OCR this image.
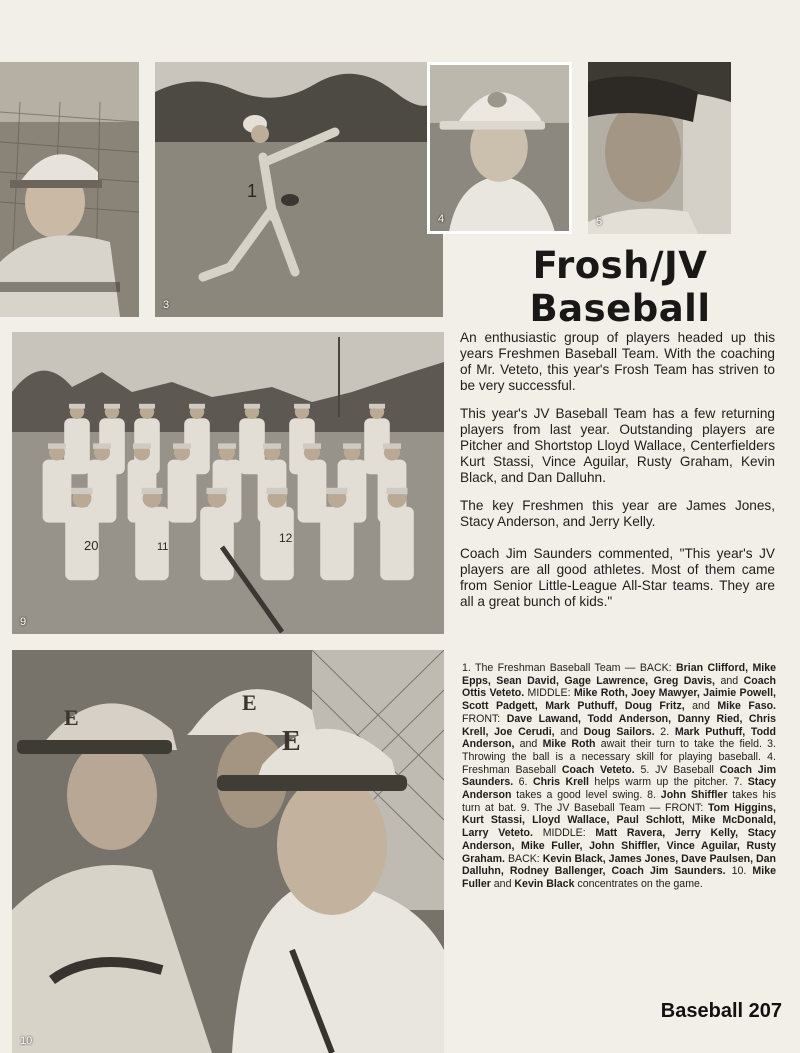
1
3
4	5
Frosh/JV
Baseball
20	11
12
9
E
E
E
10

An enthusiastic group of players headed up this years Freshmen Baseball Team. With the coaching of Mr. Veteto, this year's Frosh Team has striven to be very successful.

This year's JV Baseball Team has a few returning players from last year. Outstanding players are Pitcher and Shortstop Lloyd Wallace, Centerfielders Kurt Stassi, Vince Aguilar, Rusty Graham, Kevin Black, and Dan Dalluhn.

The key Freshmen this year are James Jones, Stacy Anderson, and Jerry Kelly.

Coach Jim Saunders commented, "This year's JV players are all good athletes. Most of them came from Senior Little-League All-Star teams. They are all a great bunch of kids."

1. The Freshman Baseball Team — BACK: Brian Clifford, Mike Epps, Sean David, Gage Lawrence, Greg Davis, and Coach Ottis Veteto. MIDDLE: Mike Roth, Joey Mawyer, Jaimie Powell, Scott Padgett, Mark Puthuff, Doug Fritz, and Mike Faso. FRONT: Dave Lawand, Todd Anderson, Danny Ried, Chris Krell, Joe Cerudi, and Doug Sailors. 2. Mark Puthuff, Todd Anderson, and Mike Roth await their turn to take the field. 3. Throwing the ball is a necessary skill for playing baseball. 4. Freshman Baseball Coach Veteto. 5. JV Baseball Coach Jim Saunders. 6. Chris Krell helps warm up the pitcher. 7. Stacy Anderson takes a good level swing. 8. John Shiffler takes his turn at bat. 9. The JV Baseball Team — FRONT: Tom Higgins, Kurt Stassi, Lloyd Wallace, Paul Schlott, Mike McDonald, Larry Veteto. MIDDLE: Matt Ravera, Jerry Kelly, Stacy Anderson, Mike Fuller, John Shiffler, Vince Aguilar, Rusty Graham. BACK: Kevin Black, James Jones, Dave Paulsen, Dan Dalluhn, Rodney Ballenger, Coach Jim Saunders. 10. Mike Fuller and Kevin Black concentrates on the game.
Baseball 207
